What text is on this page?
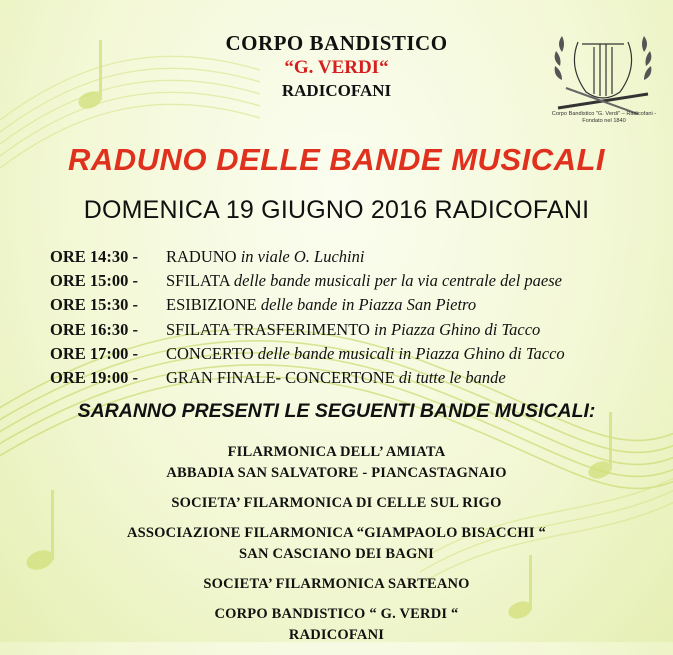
CORPO BANDISTICO
“G. VERDI“
RADICOFANI
Corpo Bandistico "G. Verdi" – Radicofani - Fondato nel 1840
RADUNO DELLE BANDE MUSICALI
DOMENICA 19 GIUGNO 2016 RADICOFANI
ORE 14:30 - RADUNO in viale O. Luchini
ORE 15:00 - SFILATA delle bande musicali per la via centrale del paese
ORE 15:30 - ESIBIZIONE delle bande in Piazza San Pietro
ORE 16:30 - SFILATA TRASFERIMENTO in Piazza Ghino di Tacco
ORE 17:00 - CONCERTO delle bande musicali in Piazza Ghino di Tacco
ORE 19:00 - GRAN FINALE- CONCERTONE di tutte le bande
SARANNO PRESENTI LE SEGUENTI BANDE MUSICALI:
FILARMONICA DELL’ AMIATA
ABBADIA SAN SALVATORE - PIANCASTAGNAIO
SOCIETA’ FILARMONICA DI CELLE SUL RIGO
ASSOCIAZIONE FILARMONICA “GIAMPAOLO BISACCHI “
SAN CASCIANO DEI BAGNI
SOCIETA’ FILARMONICA SARTEANO
CORPO BANDISTICO “ G. VERDI “
RADICOFANI
